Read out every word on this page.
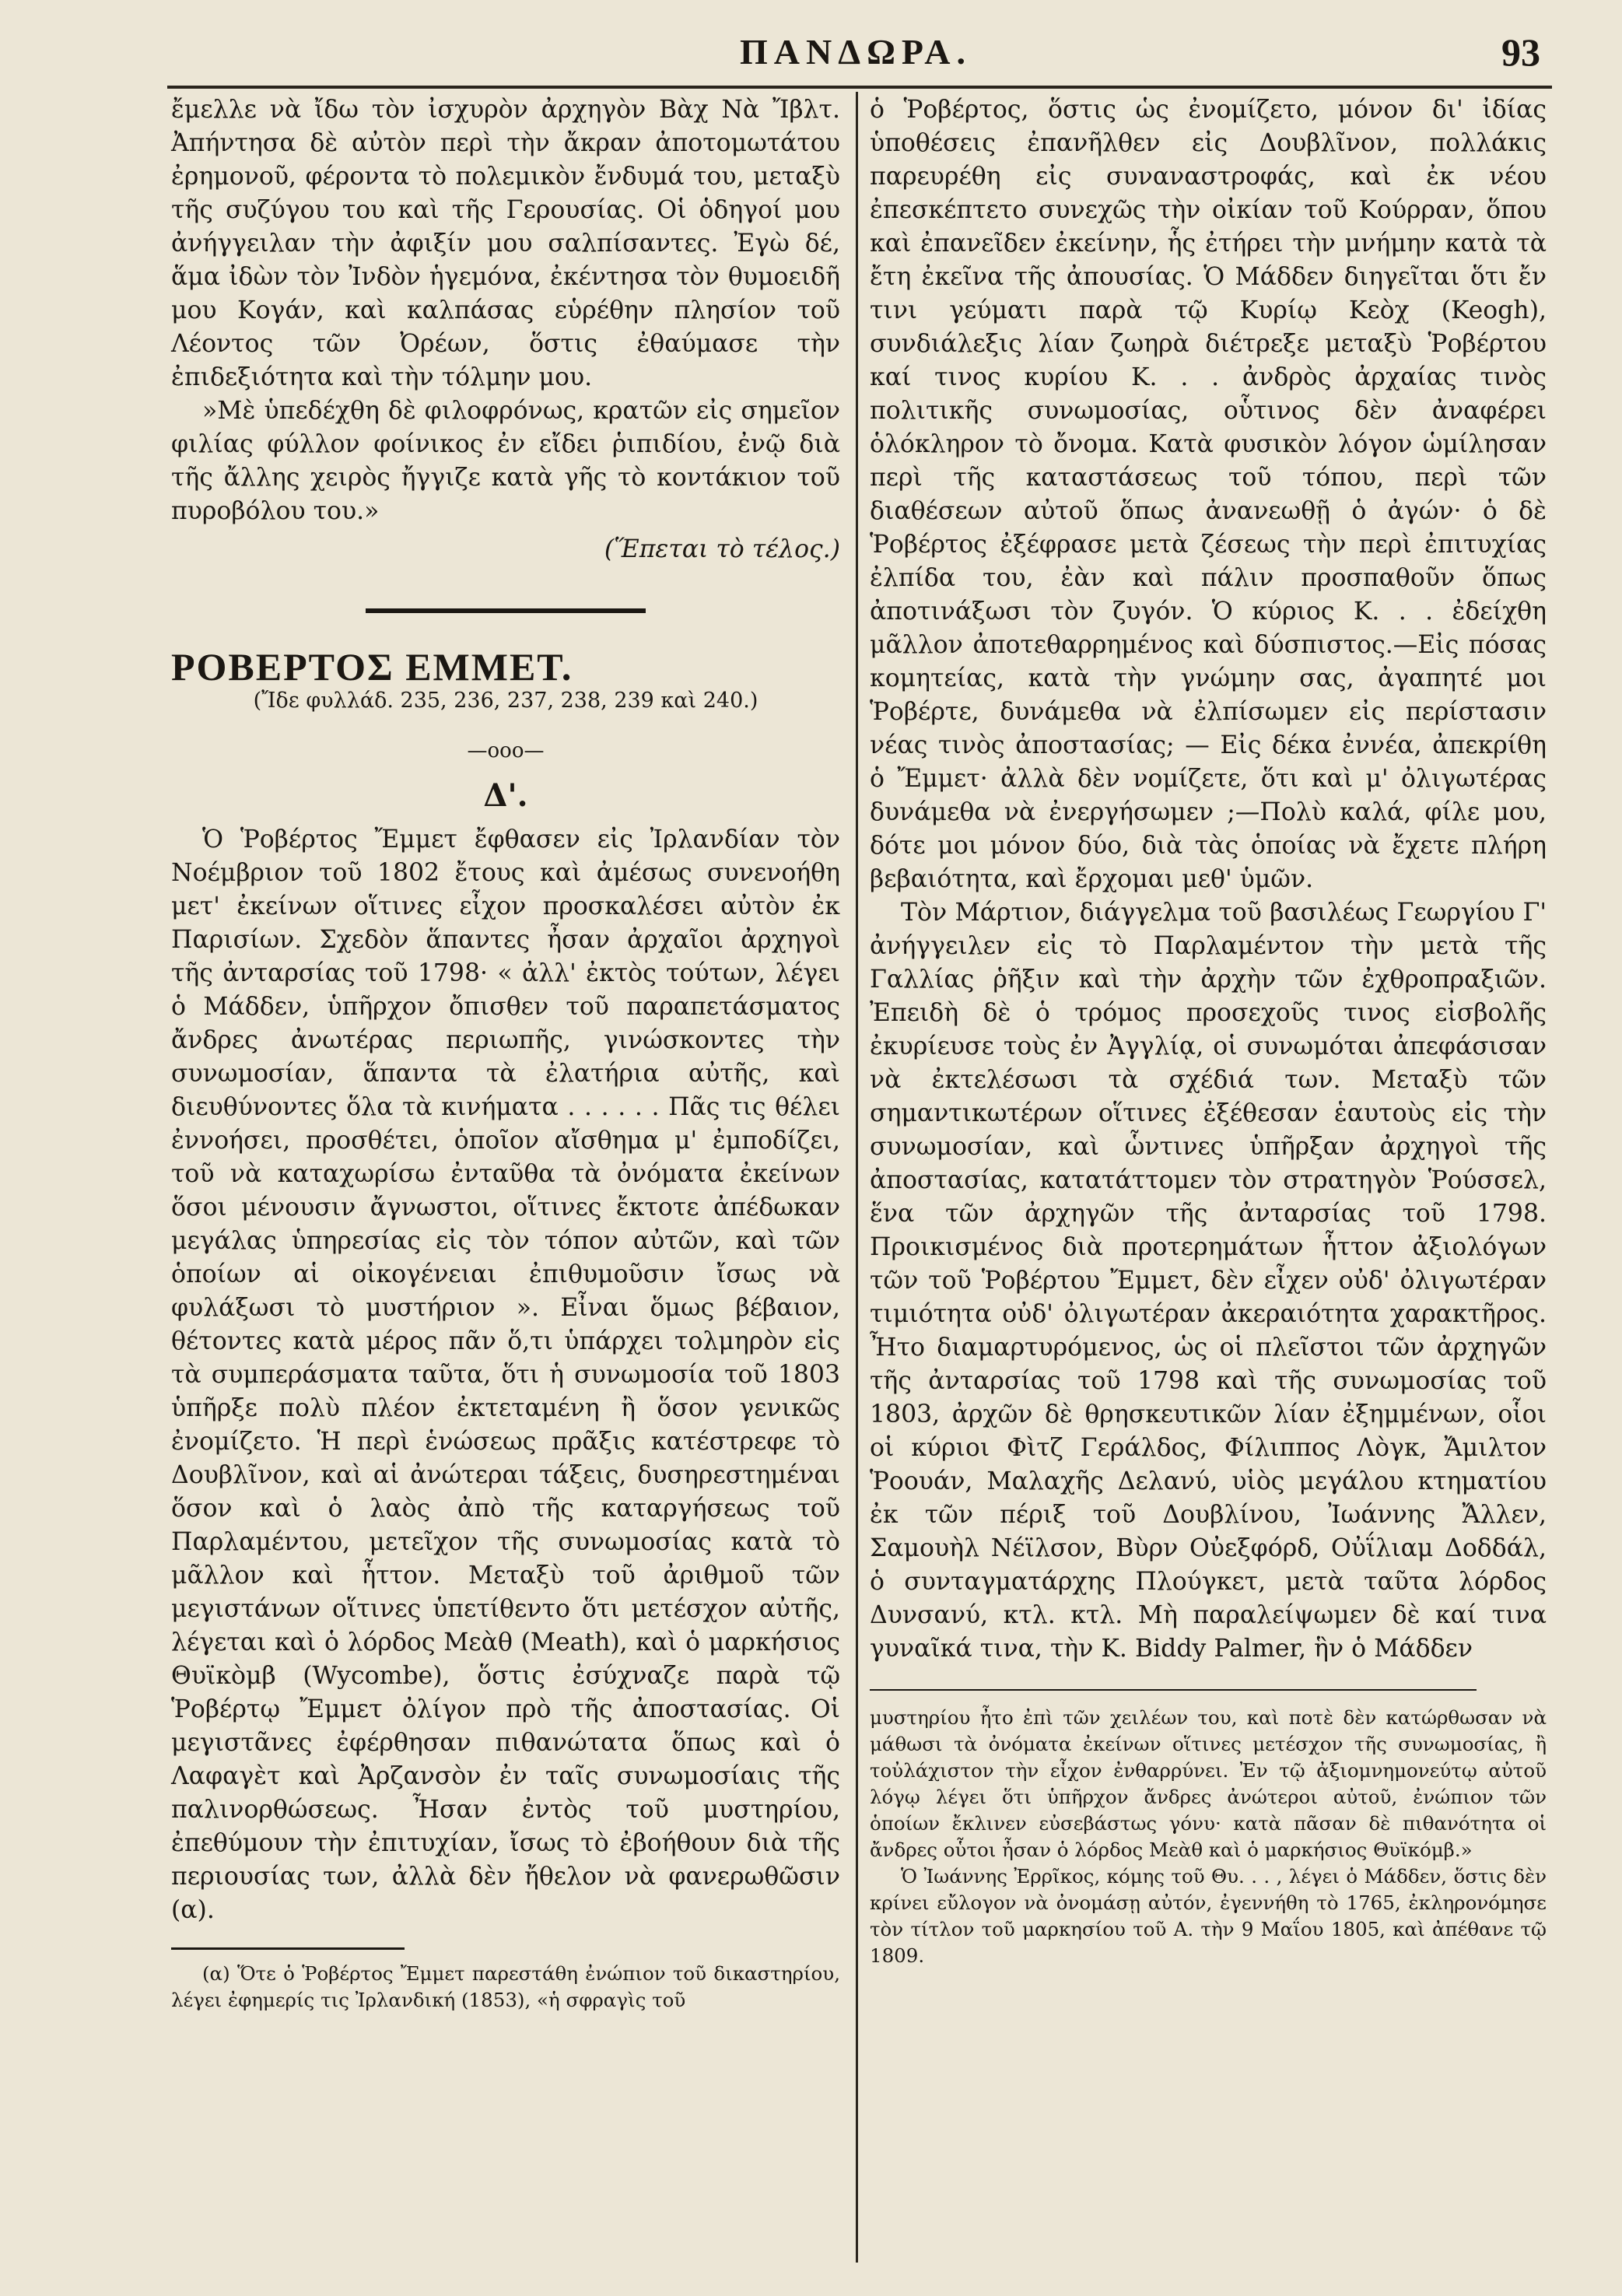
ΠΑΝΔΩΡΑ.	93

ἔμελλε νὰ ἴδω τὸν ἰσχυρὸν ἀρχηγὸν Βὰχ Νὰ Ἴβλτ. Ἀπήντησα δὲ αὐτὸν περὶ τὴν ἄκραν ἀποτομωτάτου ἐρημονοῦ, φέροντα τὸ πολεμικὸν ἔνδυμά του, μεταξὺ τῆς συζύγου του καὶ τῆς Γερουσίας. Οἱ ὁδηγοί μου ἀνήγγειλαν τὴν ἀφιξίν μου σαλπίσαντες. Ἐγὼ δέ, ἅμα ἰδὼν τὸν Ἰνδὸν ἡγεμόνα, ἐκέντησα τὸν θυμοειδῆ μου Κογάν, καὶ καλπάσας εὑρέθην πλησίον τοῦ Λέοντος τῶν Ὀρέων, ὅστις ἐθαύμασε τὴν ἐπιδεξιότητα καὶ τὴν τόλμην μου.

»Μὲ ὑπεδέχθη δὲ φιλοφρόνως, κρατῶν εἰς σημεῖον φιλίας φύλλον φοίνικος ἐν εἴδει ῥιπιδίου, ἐνῷ διὰ τῆς ἄλλης χειρὸς ἤγγιζε κατὰ γῆς τὸ κοντάκιον τοῦ πυροβόλου του.»

(Ἕπεται τὸ τέλος.)

ΡΟΒΕΡΤΟΣ ΕΜΜΕΤ.

(Ἴδε φυλλάδ. 235, 236, 237, 238, 239 καὶ 240.)

—ooo—

Δ'.

Ὁ Ῥοβέρτος Ἔμμετ ἔφθασεν εἰς Ἰρλανδίαν τὸν Νοέμβριον τοῦ 1802 ἔτους καὶ ἀμέσως συνενοήθη μετ' ἐκείνων οἵτινες εἶχον προσκαλέσει αὐτὸν ἐκ Παρισίων. Σχεδὸν ἅπαντες ἦσαν ἀρχαῖοι ἀρχηγοὶ τῆς ἀνταρσίας τοῦ 1798· « ἀλλ' ἐκτὸς τούτων, λέγει ὁ Μάδδεν, ὑπῆρχον ὄπισθεν τοῦ παραπετάσματος ἄνδρες ἀνωτέρας περιωπῆς, γινώσκοντες τὴν συνωμοσίαν, ἅπαντα τὰ ἐλατήρια αὐτῆς, καὶ διευθύνοντες ὅλα τὰ κινήματα . . . . . . Πᾶς τις θέλει ἐννοήσει, προσθέτει, ὁποῖον αἴσθημα μ' ἐμποδίζει, τοῦ νὰ καταχωρίσω ἐνταῦθα τὰ ὀνόματα ἐκείνων ὅσοι μένουσιν ἄγνωστοι, οἵτινες ἔκτοτε ἀπέδωκαν μεγάλας ὑπηρεσίας εἰς τὸν τόπον αὐτῶν, καὶ τῶν ὁποίων αἱ οἰκογένειαι ἐπιθυμοῦσιν ἴσως νὰ φυλάξωσι τὸ μυστήριον ». Εἶναι ὅμως βέβαιον, θέτοντες κατὰ μέρος πᾶν ὅ,τι ὑπάρχει τολμηρὸν εἰς τὰ συμπεράσματα ταῦτα, ὅτι ἡ συνωμοσία τοῦ 1803 ὑπῆρξε πολὺ πλέον ἐκτεταμένη ἢ ὅσον γενικῶς ἐνομίζετο. Ἡ περὶ ἑνώσεως πρᾶξις κατέστρεφε τὸ Δουβλῖνον, καὶ αἱ ἀνώτεραι τάξεις, δυσηρεστημέναι ὅσον καὶ ὁ λαὸς ἀπὸ τῆς καταργήσεως τοῦ Παρλαμέντου, μετεῖχον τῆς συνωμοσίας κατὰ τὸ μᾶλλον καὶ ἧττον. Μεταξὺ τοῦ ἀριθμοῦ τῶν μεγιστάνων οἵτινες ὑπετίθεντο ὅτι μετέσχον αὐτῆς, λέγεται καὶ ὁ λόρδος Μεὰθ (Meath), καὶ ὁ μαρκήσιος Θυϊκὸμβ (Wycombe), ὅστις ἐσύχναζε παρὰ τῷ Ῥοβέρτῳ Ἔμμετ ὀλίγον πρὸ τῆς ἀποστασίας. Οἱ μεγιστᾶνες ἐφέρθησαν πιθανώτατα ὅπως καὶ ὁ Λαφαγὲτ καὶ Ἀρζανσὸν ἐν ταῖς συνωμοσίαις τῆς παλινορθώσεως. Ἦσαν ἐντὸς τοῦ μυστηρίου, ἐπεθύμουν τὴν ἐπιτυχίαν, ἴσως τὸ ἐβοήθουν διὰ τῆς περιουσίας των, ἀλλὰ δὲν ἤθελον νὰ φανερωθῶσιν (α).

(α) Ὅτε ὁ Ῥοβέρτος Ἔμμετ παρεστάθη ἐνώπιον τοῦ δικαστηρίου, λέγει ἐφημερίς τις Ἰρλανδική (1853), «ἡ σφραγὶς τοῦ

ὁ Ῥοβέρτος, ὅστις ὡς ἐνομίζετο, μόνον δι' ἰδίας ὑποθέσεις ἐπανῆλθεν εἰς Δουβλῖνον, πολλάκις παρευρέθη εἰς συναναστροφάς, καὶ ἐκ νέου ἐπεσκέπτετο συνεχῶς τὴν οἰκίαν τοῦ Κούρραν, ὅπου καὶ ἐπανεῖδεν ἐκείνην, ἧς ἐτήρει τὴν μνήμην κατὰ τὰ ἔτη ἐκεῖνα τῆς ἀπουσίας. Ὁ Μάδδεν διηγεῖται ὅτι ἔν τινι γεύματι παρὰ τῷ Κυρίῳ Κεὸχ (Keogh), συνδιάλεξις λίαν ζωηρὰ διέτρεξε μεταξὺ Ῥοβέρτου καί τινος κυρίου Κ. . . ἀνδρὸς ἀρχαίας τινὸς πολιτικῆς συνωμοσίας, οὗτινος δὲν ἀναφέρει ὁλόκληρον τὸ ὄνομα. Κατὰ φυσικὸν λόγον ὡμίλησαν περὶ τῆς καταστάσεως τοῦ τόπου, περὶ τῶν διαθέσεων αὐτοῦ ὅπως ἀνανεωθῇ ὁ ἀγών· ὁ δὲ Ῥοβέρτος ἐξέφρασε μετὰ ζέσεως τὴν περὶ ἐπιτυχίας ἐλπίδα του, ἐὰν καὶ πάλιν προσπαθοῦν ὅπως ἀποτινάξωσι τὸν ζυγόν. Ὁ κύριος Κ. . . ἐδείχθη μᾶλλον ἀποτεθαρρημένος καὶ δύσπιστος.—Εἰς πόσας κομητείας, κατὰ τὴν γνώμην σας, ἀγαπητέ μοι Ῥοβέρτε, δυνάμεθα νὰ ἐλπίσωμεν εἰς περίστασιν νέας τινὸς ἀποστασίας; — Εἰς δέκα ἐννέα, ἀπεκρίθη ὁ Ἔμμετ· ἀλλὰ δὲν νομίζετε, ὅτι καὶ μ' ὀλιγωτέρας δυνάμεθα νὰ ἐνεργήσωμεν ;—Πολὺ καλά, φίλε μου, δότε μοι μόνον δύο, διὰ τὰς ὁποίας νὰ ἔχετε πλήρη βεβαιότητα, καὶ ἔρχομαι μεθ' ὑμῶν.

Τὸν Μάρτιον, διάγγελμα τοῦ βασιλέως Γεωργίου Γ' ἀνήγγειλεν εἰς τὸ Παρλαμέντον τὴν μετὰ τῆς Γαλλίας ῥῆξιν καὶ τὴν ἀρχὴν τῶν ἐχθροπραξιῶν. Ἐπειδὴ δὲ ὁ τρόμος προσεχοῦς τινος εἰσβολῆς ἐκυρίευσε τοὺς ἐν Ἀγγλίᾳ, οἱ συνωμόται ἀπεφάσισαν νὰ ἐκτελέσωσι τὰ σχέδιά των. Μεταξὺ τῶν σημαντικωτέρων οἵτινες ἐξέθεσαν ἑαυτοὺς εἰς τὴν συνωμοσίαν, καὶ ὧντινες ὑπῆρξαν ἀρχηγοὶ τῆς ἀποστασίας, κατατάττομεν τὸν στρατηγὸν Ῥούσσελ, ἕνα τῶν ἀρχηγῶν τῆς ἀνταρσίας τοῦ 1798. Προικισμένος διὰ προτερημάτων ἧττον ἀξιολόγων τῶν τοῦ Ῥοβέρτου Ἔμμετ, δὲν εἶχεν οὐδ' ὀλιγωτέραν τιμιότητα οὐδ' ὀλιγωτέραν ἀκεραιότητα χαρακτῆρος. Ἦτο διαμαρτυρόμενος, ὡς οἱ πλεῖστοι τῶν ἀρχηγῶν τῆς ἀνταρσίας τοῦ 1798 καὶ τῆς συνωμοσίας τοῦ 1803, ἀρχῶν δὲ θρησκευτικῶν λίαν ἐξημμένων, οἷοι οἱ κύριοι Φὶτζ Γεράλδος, Φίλιππος Λὸγκ, Ἄμιλτον Ῥοουάν, Μαλαχῆς Δελανύ, υἱὸς μεγάλου κτηματίου ἐκ τῶν πέριξ τοῦ Δουβλίνου, Ἰωάννης Ἄλλεν, Σαμουὴλ Νέϊλσον, Βὺρν Οὐεξφόρδ, Οὐΐλιαμ Δοδδάλ, ὁ συνταγματάρχης Πλούγκετ, μετὰ ταῦτα λόρδος Δυνσανύ, κτλ. κτλ. Μὴ παραλείψωμεν δὲ καί τινα γυναῖκά τινα, τὴν Κ. Biddy Palmer, ἣν ὁ Μάδδεν

μυστηρίου ἦτο ἐπὶ τῶν χειλέων του, καὶ ποτὲ δὲν κατώρθωσαν νὰ μάθωσι τὰ ὀνόματα ἐκείνων οἵτινες μετέσχον τῆς συνωμοσίας, ἢ τοὐλάχιστον τὴν εἶχον ἐνθαρρύνει. Ἐν τῷ ἀξιομνημονεύτῳ αὐτοῦ λόγῳ λέγει ὅτι ὑπῆρχον ἄνδρες ἀνώτεροι αὐτοῦ, ἐνώπιον τῶν ὁποίων ἔκλινεν εὐσεβάστως γόνυ· κατὰ πᾶσαν δὲ πιθανότητα οἱ ἄνδρες οὗτοι ἦσαν ὁ λόρδος Μεὰθ καὶ ὁ μαρκήσιος Θυϊκόμβ.»

Ὁ Ἰωάννης Ἐρρῖκος, κόμης τοῦ Θυ. . . , λέγει ὁ Μάδδεν, ὅστις δὲν κρίνει εὔλογον νὰ ὀνομάσῃ αὐτόν, ἐγεννήθη τὸ 1765, ἐκληρονόμησε τὸν τίτλον τοῦ μαρκησίου τοῦ Α. τὴν 9 Μαΐου 1805, καὶ ἀπέθανε τῷ 1809.
